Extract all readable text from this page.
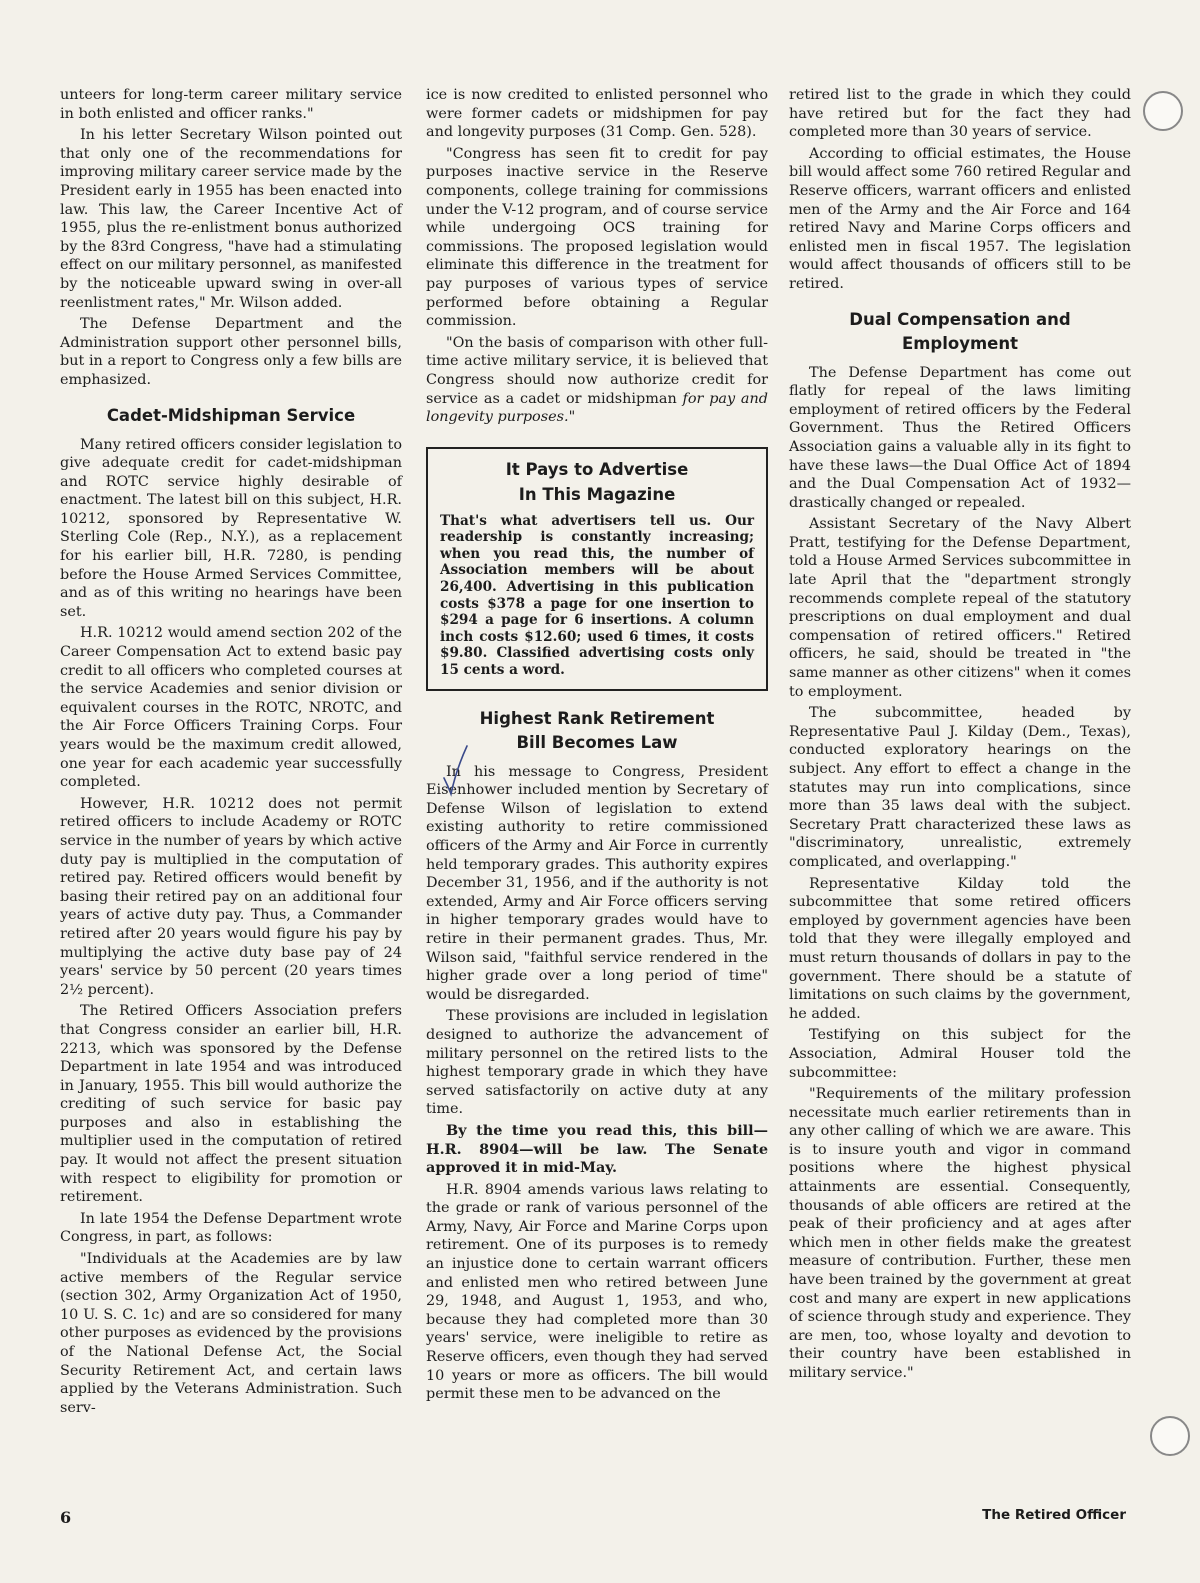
unteers for long-term career military service in both enlisted and officer ranks."

In his letter Secretary Wilson pointed out that only one of the recommendations for improving military career service made by the President early in 1955 has been enacted into law. This law, the Career Incentive Act of 1955, plus the re-enlistment bonus authorized by the 83rd Congress, "have had a stimulating effect on our military personnel, as manifested by the noticeable upward swing in over-all reenlistment rates," Mr. Wilson added.

The Defense Department and the Administration support other personnel bills, but in a report to Congress only a few bills are emphasized.

Cadet-Midshipman Service

Many retired officers consider legislation to give adequate credit for cadet-midshipman and ROTC service highly desirable of enactment. The latest bill on this subject, H.R. 10212, sponsored by Representative W. Sterling Cole (Rep., N.Y.), as a replacement for his earlier bill, H.R. 7280, is pending before the House Armed Services Committee, and as of this writing no hearings have been set.

H.R. 10212 would amend section 202 of the Career Compensation Act to extend basic pay credit to all officers who completed courses at the service Academies and senior division or equivalent courses in the ROTC, NROTC, and the Air Force Officers Training Corps. Four years would be the maximum credit allowed, one year for each academic year successfully completed.

However, H.R. 10212 does not permit retired officers to include Academy or ROTC service in the number of years by which active duty pay is multiplied in the computation of retired pay. Retired officers would benefit by basing their retired pay on an additional four years of active duty pay. Thus, a Commander retired after 20 years would figure his pay by multiplying the active duty base pay of 24 years' service by 50 percent (20 years times 2½ percent).

The Retired Officers Association prefers that Congress consider an earlier bill, H.R. 2213, which was sponsored by the Defense Department in late 1954 and was introduced in January, 1955. This bill would authorize the crediting of such service for basic pay purposes and also in establishing the multiplier used in the computation of retired pay. It would not affect the present situation with respect to eligibility for promotion or retirement.

In late 1954 the Defense Department wrote Congress, in part, as follows:

"Individuals at the Academies are by law active members of the Regular service (section 302, Army Organization Act of 1950, 10 U. S. C. 1c) and are so considered for many other purposes as evidenced by the provisions of the National Defense Act, the Social Security Retirement Act, and certain laws applied by the Veterans Administration. Such serv-

ice is now credited to enlisted personnel who were former cadets or midshipmen for pay and longevity purposes (31 Comp. Gen. 528).

"Congress has seen fit to credit for pay purposes inactive service in the Reserve components, college training for commissions under the V-12 program, and of course service while undergoing OCS training for commissions. The proposed legislation would eliminate this difference in the treatment for pay purposes of various types of service performed before obtaining a Regular commission.

"On the basis of comparison with other full-time active military service, it is believed that Congress should now authorize credit for service as a cadet or midshipman for pay and longevity purposes."

It Pays to Advertise
In This Magazine

That's what advertisers tell us. Our readership is constantly increasing; when you read this, the number of Association members will be about 26,400. Advertising in this publication costs $378 a page for one insertion to $294 a page for 6 insertions. A column inch costs $12.60; used 6 times, it costs $9.80. Classified advertising costs only 15 cents a word.

Highest Rank Retirement
Bill Becomes Law

In his message to Congress, President Eisenhower included mention by Secretary of Defense Wilson of legislation to extend existing authority to retire commissioned officers of the Army and Air Force in currently held temporary grades. This authority expires December 31, 1956, and if the authority is not extended, Army and Air Force officers serving in higher temporary grades would have to retire in their permanent grades. Thus, Mr. Wilson said, "faithful service rendered in the higher grade over a long period of time" would be disregarded.

These provisions are included in legislation designed to authorize the advancement of military personnel on the retired lists to the highest temporary grade in which they have served satisfactorily on active duty at any time.

By the time you read this, this bill—H.R. 8904—will be law. The Senate approved it in mid-May.

H.R. 8904 amends various laws relating to the grade or rank of various personnel of the Army, Navy, Air Force and Marine Corps upon retirement. One of its purposes is to remedy an injustice done to certain warrant officers and enlisted men who retired between June 29, 1948, and August 1, 1953, and who, because they had completed more than 30 years' service, were ineligible to retire as Reserve officers, even though they had served 10 years or more as officers. The bill would permit these men to be advanced on the

retired list to the grade in which they could have retired but for the fact they had completed more than 30 years of service.

According to official estimates, the House bill would affect some 760 retired Regular and Reserve officers, warrant officers and enlisted men of the Army and the Air Force and 164 retired Navy and Marine Corps officers and enlisted men in fiscal 1957. The legislation would affect thousands of officers still to be retired.

Dual Compensation and
Employment

The Defense Department has come out flatly for repeal of the laws limiting employment of retired officers by the Federal Government. Thus the Retired Officers Association gains a valuable ally in its fight to have these laws—the Dual Office Act of 1894 and the Dual Compensation Act of 1932—drastically changed or repealed.

Assistant Secretary of the Navy Albert Pratt, testifying for the Defense Department, told a House Armed Services subcommittee in late April that the "department strongly recommends complete repeal of the statutory prescriptions on dual employment and dual compensation of retired officers." Retired officers, he said, should be treated in "the same manner as other citizens" when it comes to employment.

The subcommittee, headed by Representative Paul J. Kilday (Dem., Texas), conducted exploratory hearings on the subject. Any effort to effect a change in the statutes may run into complications, since more than 35 laws deal with the subject. Secretary Pratt characterized these laws as "discriminatory, unrealistic, extremely complicated, and overlapping."

Representative Kilday told the subcommittee that some retired officers employed by government agencies have been told that they were illegally employed and must return thousands of dollars in pay to the government. There should be a statute of limitations on such claims by the government, he added.

Testifying on this subject for the Association, Admiral Houser told the subcommittee:

"Requirements of the military profession necessitate much earlier retirements than in any other calling of which we are aware. This is to insure youth and vigor in command positions where the highest physical attainments are essential. Consequently, thousands of able officers are retired at the peak of their proficiency and at ages after which men in other fields make the greatest measure of contribution. Further, these men have been trained by the government at great cost and many are expert in new applications of science through study and experience. They are men, too, whose loyalty and devotion to their country have been established in military service."

6	The Retired Officer
